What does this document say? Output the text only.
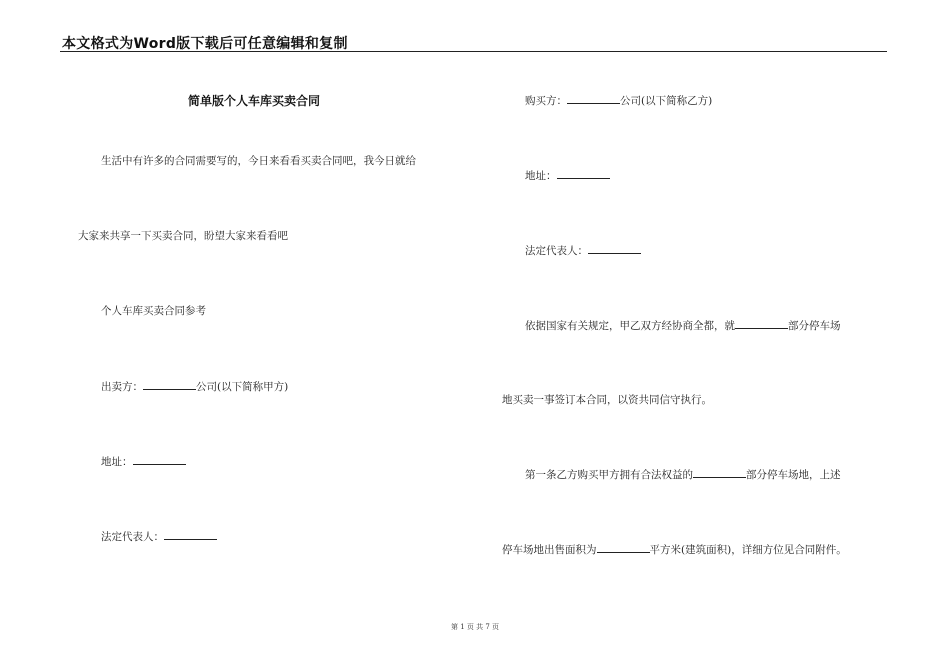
本文格式为Word版下载后可任意编辑和复制
简单版个人车库买卖合同
生活中有许多的合同需要写的，今日来看看买卖合同吧，我今日就给
大家来共享一下买卖合同，盼望大家来看看吧
个人车库买卖合同参考
出卖方：	公司(以下简称甲方)
地址：
法定代表人：
购买方：	公司(以下简称乙方)
地址：
法定代表人：
依据国家有关规定，甲乙双方经协商全都，就	部分停车场
地买卖一事签订本合同，以资共同信守执行。
第一条乙方购买甲方拥有合法权益的	部分停车场地，上述
停车场地出售面积为	平方米(建筑面积)，详细方位见合同附件。
第 1 页 共 7 页
